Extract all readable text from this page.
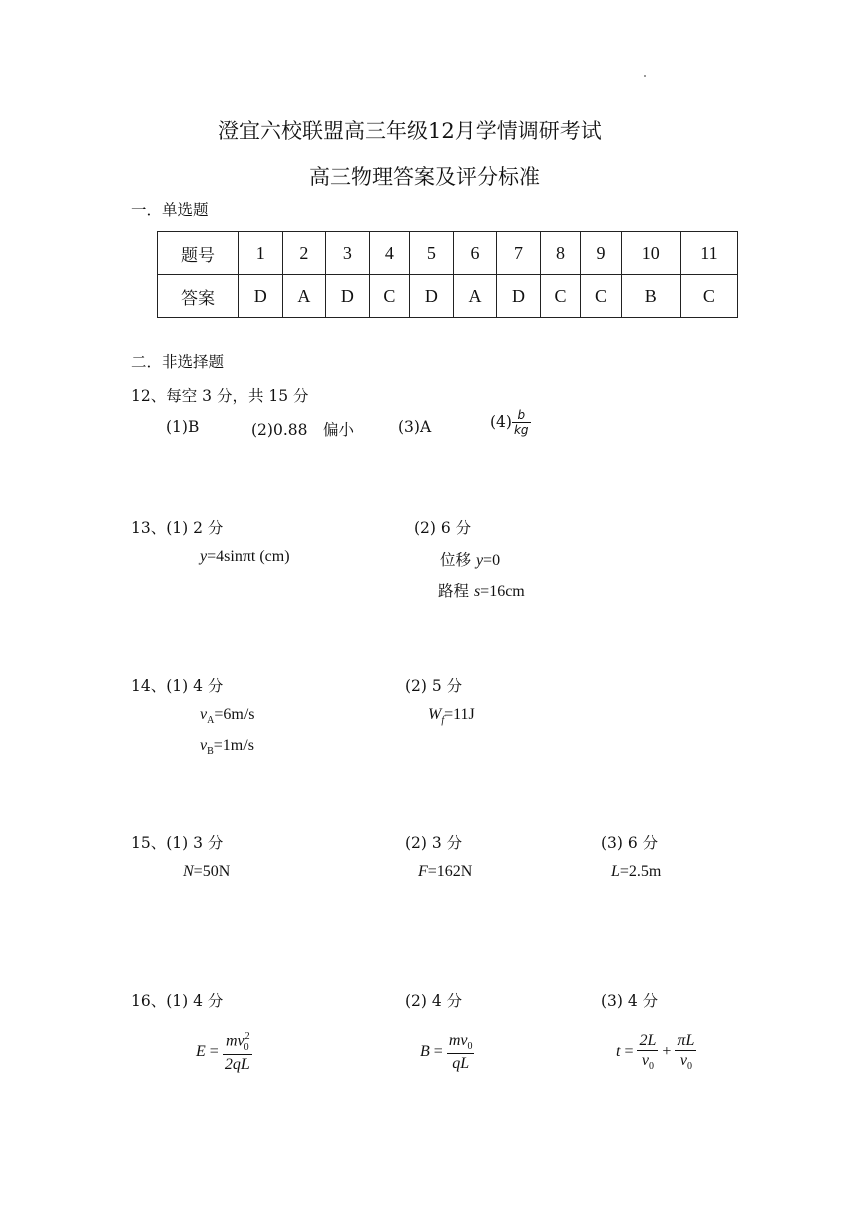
澄宜六校联盟高三年级12月学情调研考试
高三物理答案及评分标准
一．单选题
题号	1	2	3	4	5	6	7	8	9	10	11
答案	D	A	D	C	D	A	D	C	C	B	C
二．非选择题
12、每空 3 分，共 15 分
(1)B	(2)0.88　偏小	(3)A	$(4) \frac{b}{kg}$
13、(1) 2 分
y=4sinπt (cm)
(2) 6 分
位移 y=0
路程 s=16cm
14、(1) 4 分
$v_A=6m/s$
$v_B=1m/s$
(2) 5 分
$W_f=11J$
15、(1) 3 分
N=50N
(2) 3 分
F=162N
(3) 6 分
L=2.5m
16、(1) 4 分	(2) 4 分	(3) 4 分
$E = \frac{mv^2_0}{2qL}$	$B = \frac{mv_0}{qL}$	$t = \frac{2L}{v_0} + \frac{\pi L}{v_0}$
